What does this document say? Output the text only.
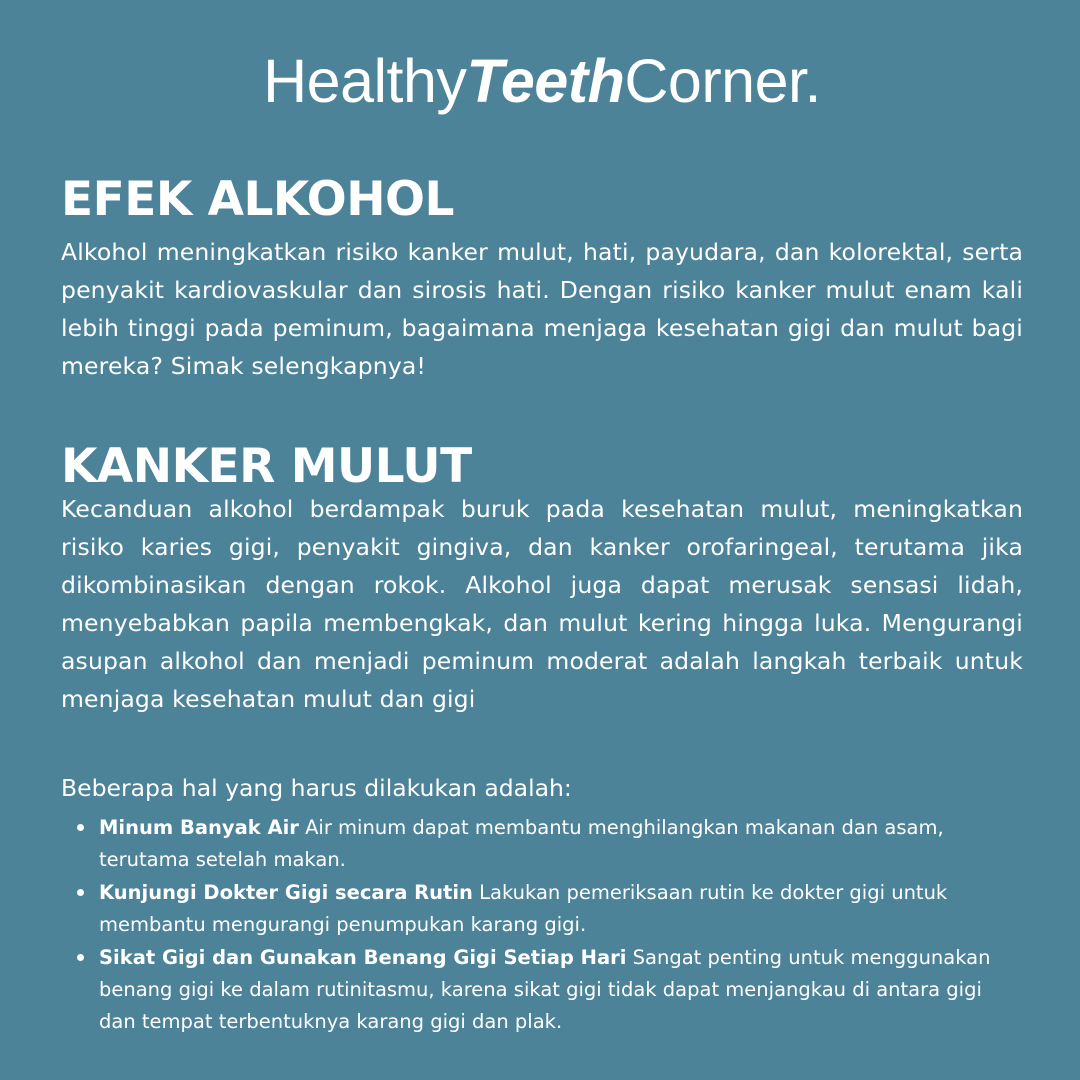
HealthyTeethCorner.
EFEK ALKOHOL

Alkohol meningkatkan risiko kanker mulut, hati, payudara, dan kolorektal, serta penyakit kardiovaskular dan sirosis hati. Dengan risiko kanker mulut enam kali lebih tinggi pada peminum, bagaimana menjaga kesehatan gigi dan mulut bagi mereka? Simak selengkapnya!

KANKER MULUT

Kecanduan alkohol berdampak buruk pada kesehatan mulut, meningkatkan risiko karies gigi, penyakit gingiva, dan kanker orofaringeal, terutama jika dikombinasikan dengan rokok. Alkohol juga dapat merusak sensasi lidah, menyebabkan papila membengkak, dan mulut kering hingga luka. Mengurangi asupan alkohol dan menjadi peminum moderat adalah langkah terbaik untuk menjaga kesehatan mulut dan gigi

Beberapa hal yang harus dilakukan adalah:

Minum Banyak Air Air minum dapat membantu menghilangkan makanan dan asam, terutama setelah makan.
Kunjungi Dokter Gigi secara Rutin Lakukan pemeriksaan rutin ke dokter gigi untuk membantu mengurangi penumpukan karang gigi.
Sikat Gigi dan Gunakan Benang Gigi Setiap Hari Sangat penting untuk menggunakan benang gigi ke dalam rutinitasmu, karena sikat gigi tidak dapat menjangkau di antara gigi dan tempat terbentuknya karang gigi dan plak.
